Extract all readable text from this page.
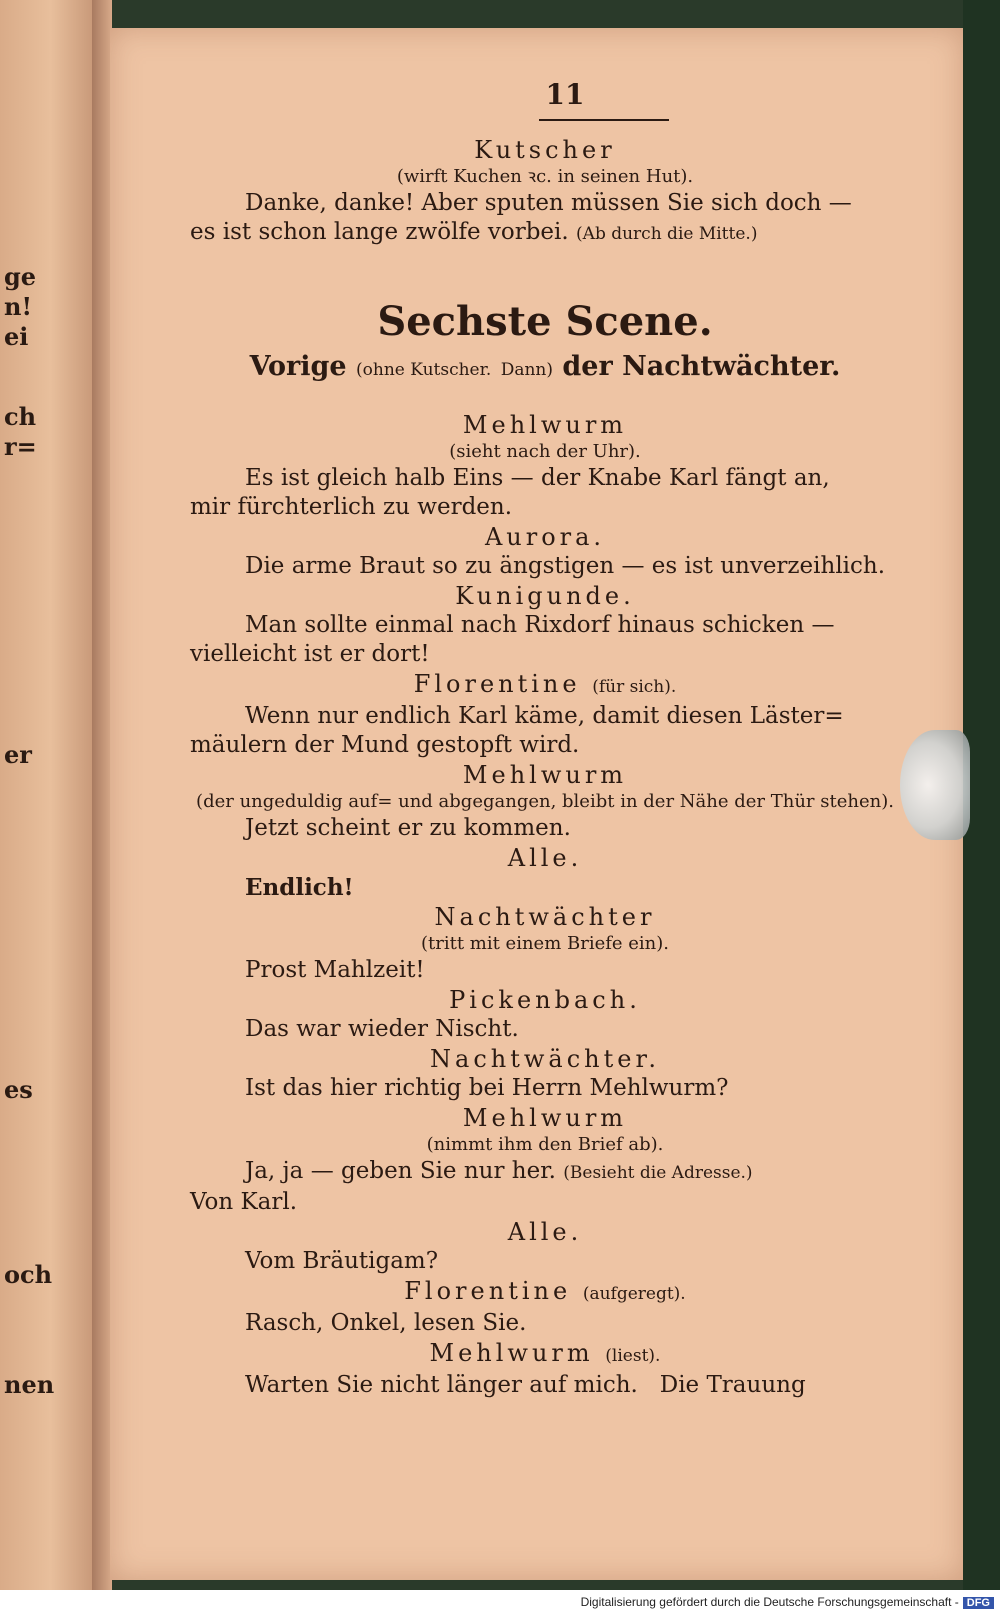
ge
n!
ei
ch
r=
er
es
och
nen
11
Kutscher
(wirft Kuchen ꝛc. in seinen Hut).
Danke, danke! Aber sputen müssen Sie sich doch —
es ist schon lange zwölfe vorbei. (Ab durch die Mitte.)
Sechste Scene.
Vorige (ohne Kutscher. Dann) der Nachtwächter.
Mehlwurm
(sieht nach der Uhr).
Es ist gleich halb Eins — der Knabe Karl fängt an,
mir fürchterlich zu werden.
Aurora.
Die arme Braut so zu ängstigen — es ist unverzeihlich.
Kunigunde.
Man sollte einmal nach Rixdorf hinaus schicken —
vielleicht ist er dort!
Florentine (für sich).
Wenn nur endlich Karl käme, damit diesen Läster=
mäulern der Mund gestopft wird.
Mehlwurm
(der ungeduldig auf= und abgegangen, bleibt in der Nähe der Thür stehen).
Jetzt scheint er zu kommen.
Alle.
Endlich!
Nachtwächter
(tritt mit einem Briefe ein).
Prost Mahlzeit!
Pickenbach.
Das war wieder Nischt.
Nachtwächter.
Ist das hier richtig bei Herrn Mehlwurm?
Mehlwurm
(nimmt ihm den Brief ab).
Ja, ja — geben Sie nur her. (Besieht die Adresse.)
Von Karl.
Alle.
Vom Bräutigam?
Florentine (aufgeregt).
Rasch, Onkel, lesen Sie.
Mehlwurm (liest).
Warten Sie nicht länger auf mich.   Die Trauung
Digitalisierung gefördert durch die Deutsche Forschungsgemeinschaft - DFG
